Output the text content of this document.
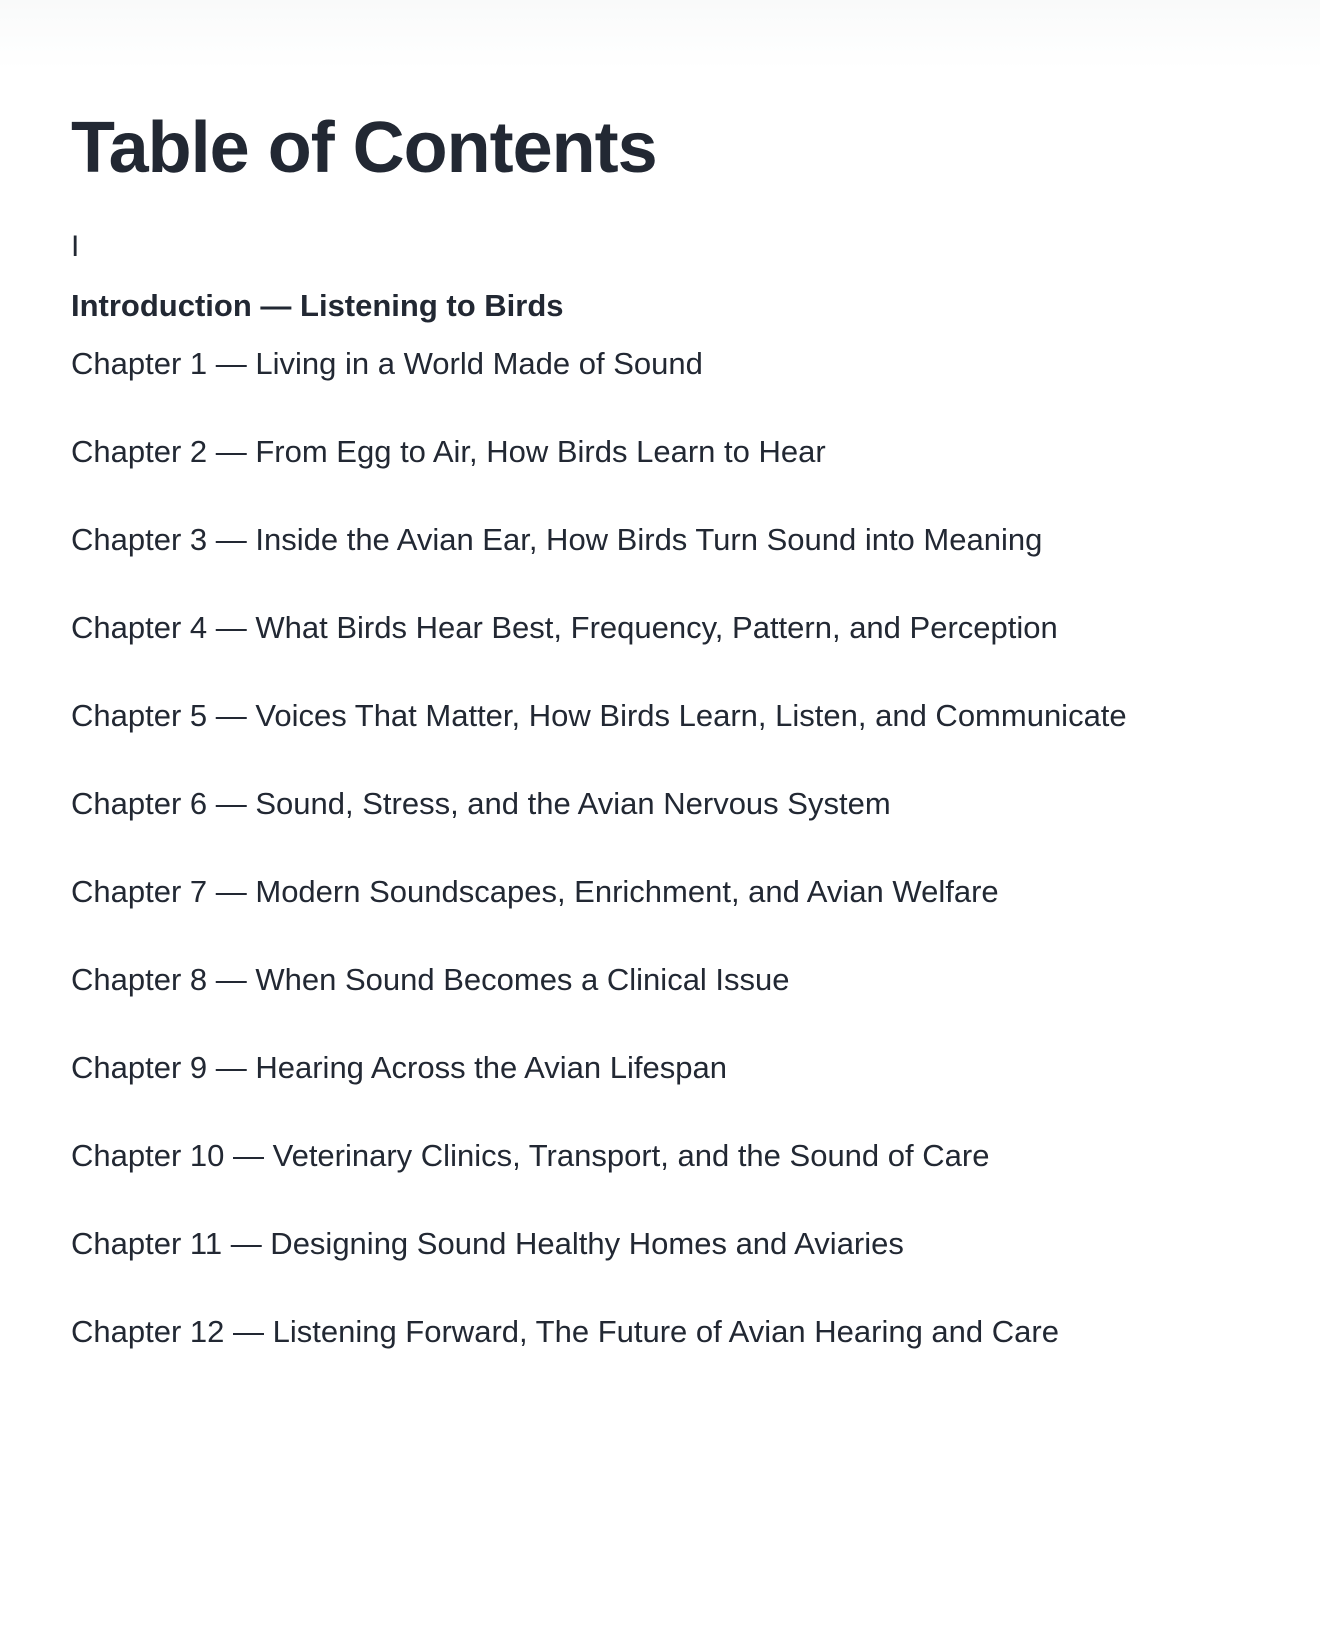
Table of Contents
I
Introduction — Listening to Birds
Chapter 1 — Living in a World Made of Sound
Chapter 2 — From Egg to Air, How Birds Learn to Hear
Chapter 3 — Inside the Avian Ear, How Birds Turn Sound into Meaning
Chapter 4 — What Birds Hear Best, Frequency, Pattern, and Perception
Chapter 5 — Voices That Matter, How Birds Learn, Listen, and Communicate
Chapter 6 — Sound, Stress, and the Avian Nervous System
Chapter 7 — Modern Soundscapes, Enrichment, and Avian Welfare
Chapter 8 — When Sound Becomes a Clinical Issue
Chapter 9 — Hearing Across the Avian Lifespan
Chapter 10 — Veterinary Clinics, Transport, and the Sound of Care
Chapter 11 — Designing Sound Healthy Homes and Aviaries
Chapter 12 — Listening Forward, The Future of Avian Hearing and Care
